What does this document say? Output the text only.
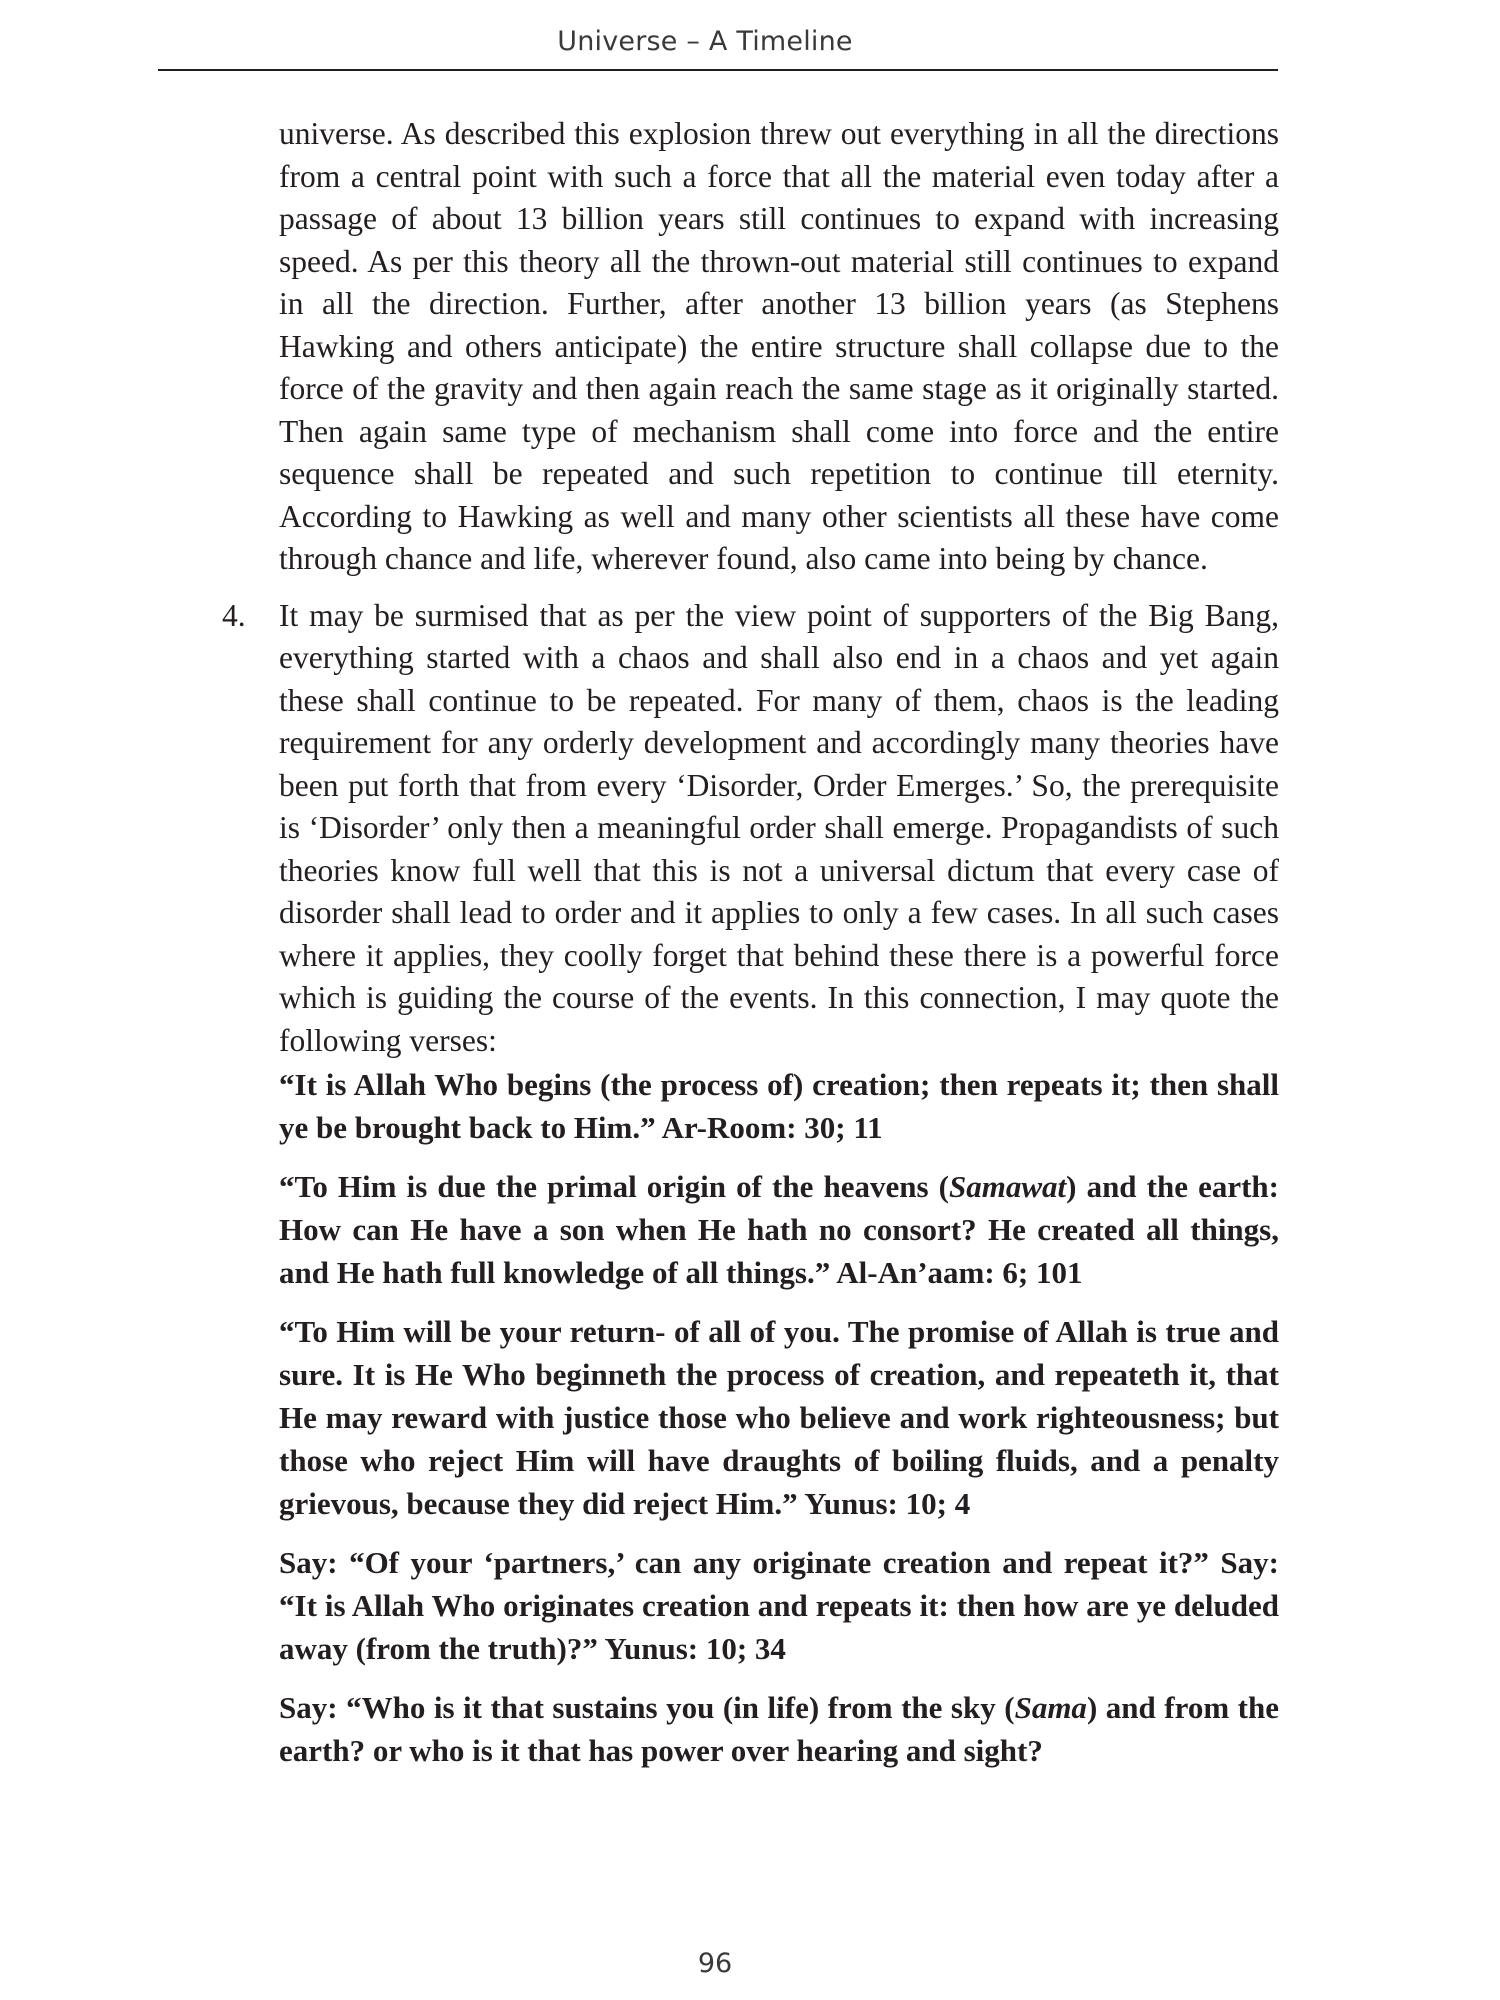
Universe – A Timeline

universe. As described this explosion threw out everything in all the directions from a central point with such a force that all the material even today after a passage of about 13 billion years still continues to expand with increasing speed. As per this theory all the thrown-out material still continues to expand in all the direction. Further, after another 13 billion years (as Stephens Hawking and others anticipate) the entire structure shall collapse due to the force of the gravity and then again reach the same stage as it originally started. Then again same type of mechanism shall come into force and the entire sequence shall be repeated and such repetition to continue till eternity. According to Hawking as well and many other scientists all these have come through chance and life, wherever found, also came into being by chance.

4. It may be surmised that as per the view point of supporters of the Big Bang, everything started with a chaos and shall also end in a chaos and yet again these shall continue to be repeated. For many of them, chaos is the leading requirement for any orderly development and accordingly many theories have been put forth that from every ‘Disorder, Order Emerges.’ So, the prerequisite is ‘Disorder’ only then a meaningful order shall emerge. Propagandists of such theories know full well that this is not a universal dictum that every case of disorder shall lead to order and it applies to only a few cases. In all such cases where it applies, they coolly forget that behind these there is a powerful force which is guiding the course of the events. In this connection, I may quote the following verses:

“It is Allah Who begins (the process of) creation; then repeats it; then shall ye be brought back to Him.” Ar-Room: 30; 11

“To Him is due the primal origin of the heavens (Samawat) and the earth: How can He have a son when He hath no consort? He created all things, and He hath full knowledge of all things.” Al-An’aam: 6; 101

“To Him will be your return- of all of you. The promise of Allah is true and sure. It is He Who beginneth the process of creation, and repeateth it, that He may reward with justice those who believe and work righteousness; but those who reject Him will have draughts of boiling fluids, and a penalty grievous, because they did reject Him.” Yunus: 10; 4

Say: “Of your ‘partners,’ can any originate creation and repeat it?” Say: “It is Allah Who originates creation and repeats it: then how are ye deluded away (from the truth)?” Yunus: 10; 34

Say: “Who is it that sustains you (in life) from the sky (Sama) and from the earth? or who is it that has power over hearing and sight?

96
